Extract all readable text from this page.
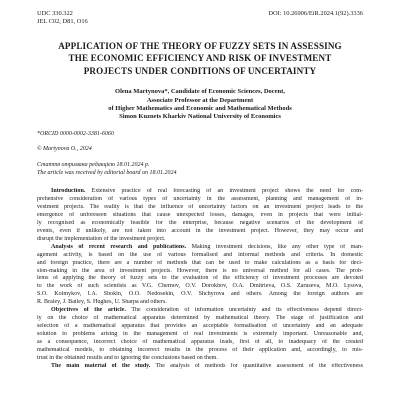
UDC 330.322
JEL C02, D81, O16
DOI: 10.26906/EiR.2024.1(92).3336
APPLICATION OF THE THEORY OF FUZZY SETS IN ASSESSING
THE ECONOMIC EFFICIENCY AND RISK OF INVESTMENT
PROJECTS UNDER CONDITIONS OF UNCERTAINTY
Olena Martynova*, Candidate of Economic Sciences, Docent,
Associate Professor at the Department
of Higher Mathematics and Economic and Mathematical Methods
Simon Kuznets Kharkiv National University of Economics
*ORCID 0000-0002-3381-6060
© Martynova O., 2024
Стаття отримана редакцією 18.01.2024 р.
The article was received by editorial board on 18.01.2024
Introduction. Extensive practice of real forecasting of an investment project shows the need for com-
prehensive consideration of various types of uncertainty in the assessment, planning and management of in-
vestment projects. The reality is that the influence of uncertainty factors on an investment project leads to the
emergence of unforeseen situations that cause unexpected losses, damages, even in projects that were initial-
ly recognised as economically feasible for the enterprise, because negative scenarios of the development of
events, even if unlikely, are not taken into account in the investment project. However, they may occur and
disrupt the implementation of the investment project.
Analysis of recent research and publications. Making investment decisions, like any other type of man-
agement activity, is based on the use of various formalised and informal methods and criteria. In domestic
and foreign practice, there are a number of methods that can be used to make calculations as a basis for deci-
sion-making in the area of investment projects. However, there is no universal method for all cases. The prob-
lems of applying the theory of fuzzy sets to the evaluation of the efficiency of investment processes are devoted
to the work of such scientists as V.G. Chernov, O.V. Dorokhov, O.A. Dmitrieva, O.S. Zaruseva, M.O. Lysova,
S.O. Kolmykov, I.A. Shokin, O.O. Nedosekin, O.V. Shchyrova and others. Among the foreign authors are
R. Braley, J. Bailey, S. Hughes, U. Sharpa and others.
Objectives of the article. The consideration of information uncertainty and its effectiveness depend direct-
ly on the choice of mathematical apparatus determined by mathematical theory. The stage of justification and
selection of a mathematical apparatus that provides an acceptable formalisation of uncertainty and an adequate
solution to problems arising in the management of real investments is extremely important. Unreasonable and,
as a consequence, incorrect choice of mathematical apparatus leads, first of all, to inadequacy of the created
mathematical models, to obtaining incorrect results in the process of their application and, accordingly, to mis-
trust in the obtained results and to ignoring the conclusions based on them.
The main material of the study. The analysis of methods for quantitative assessment of the effectiveness
